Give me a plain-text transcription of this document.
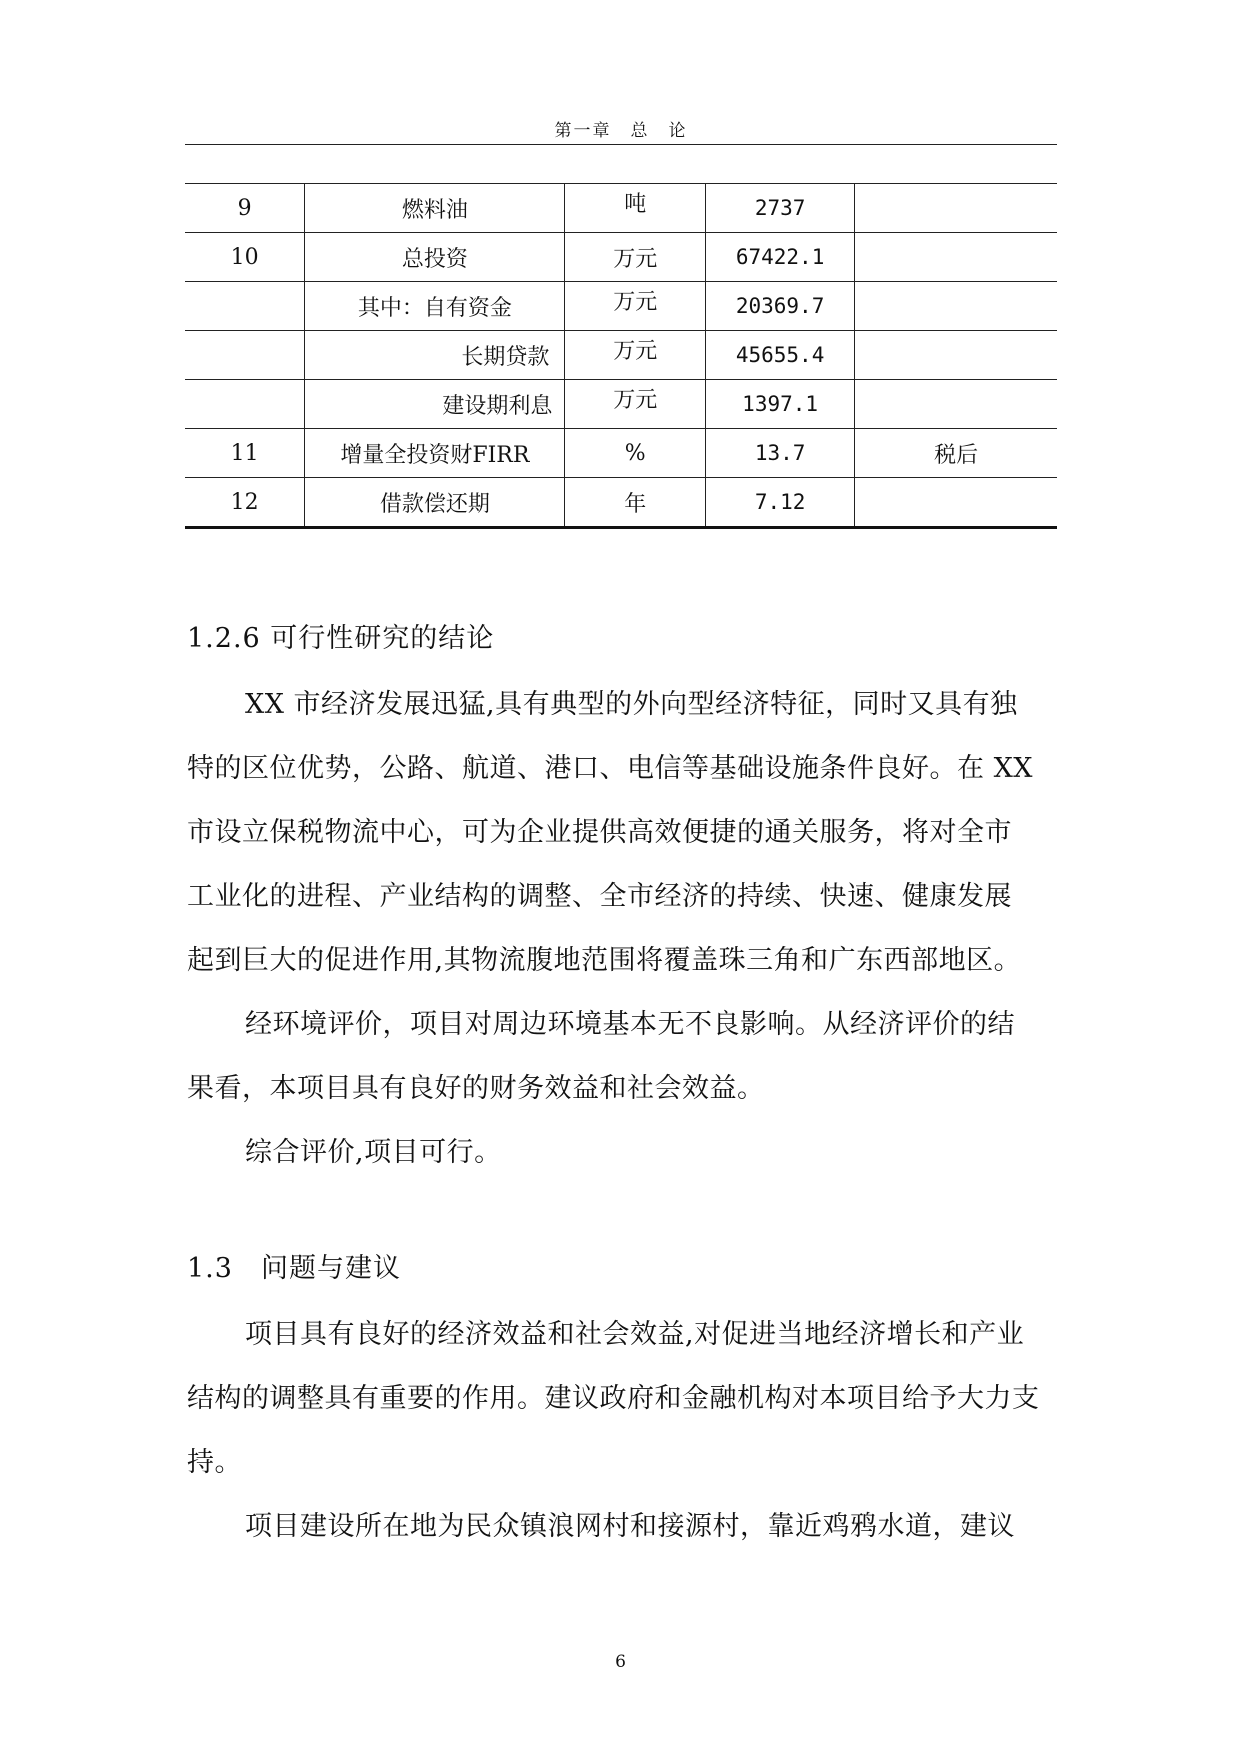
第一章　总　论
9	燃料油	吨	2737	
10	总投资	万元	67422.1	
	其中：自有资金	万元	20369.7	
	长期贷款	万元	45655.4	
	建设期利息	万元	1397.1	
11	增量全投资财FIRR	%	13.7	税后
12	借款偿还期	年	7.12	
1.2.6 可行性研究的结论
XX 市经济发展迅猛,具有典型的外向型经济特征，同时又具有独
特的区位优势，公路、航道、港口、电信等基础设施条件良好。在 XX
市设立保税物流中心，可为企业提供高效便捷的通关服务，将对全市
工业化的进程、产业结构的调整、全市经济的持续、快速、健康发展
起到巨大的促进作用,其物流腹地范围将覆盖珠三角和广东西部地区。
经环境评价，项目对周边环境基本无不良影响。从经济评价的结
果看，本项目具有良好的财务效益和社会效益。
综合评价,项目可行。
1.3　问题与建议
项目具有良好的经济效益和社会效益,对促进当地经济增长和产业
结构的调整具有重要的作用。建议政府和金融机构对本项目给予大力支
持。
项目建设所在地为民众镇浪网村和接源村，靠近鸡鸦水道，建议
6
